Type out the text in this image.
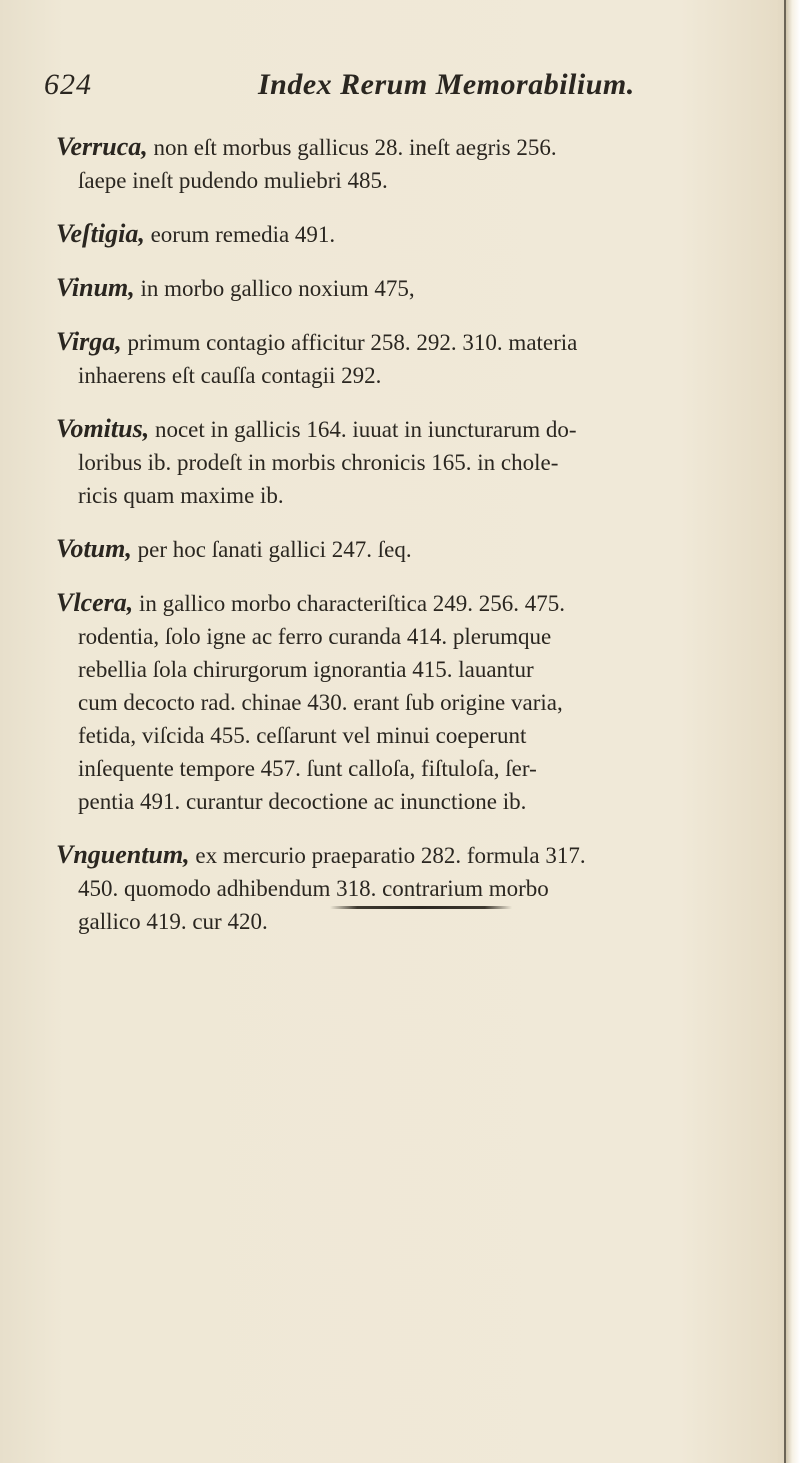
624	Index Rerum Memorabilium.
Verruca, non eſt morbus gallicus 28. ineſt aegris 256.
ſaepe ineſt pudendo muliebri 485.
Veſtigia, eorum remedia 491.
Vinum, in morbo gallico noxium 475,
Virga, primum contagio afficitur 258. 292. 310. materia
inhaerens eſt cauſſa contagii 292.
Vomitus, nocet in gallicis 164. iuuat in iuncturarum do-
loribus ib. prodeſt in morbis chronicis 165. in chole-
ricis quam maxime ib.
Votum, per hoc ſanati gallici 247. ſeq.
Vlcera, in gallico morbo characteriſtica 249. 256. 475.
rodentia, ſolo igne ac ferro curanda 414. plerumque
rebellia ſola chirurgorum ignorantia 415. lauantur
cum decocto rad. chinae 430. erant ſub origine varia,
fetida, viſcida 455. ceſſarunt vel minui coeperunt
inſequente tempore 457. ſunt calloſa, fiſtuloſa, ſer-
pentia 491. curantur decoctione ac inunctione ib.
Vnguentum, ex mercurio praeparatio 282. formula 317.
450. quomodo adhibendum 318. contrarium morbo
gallico 419. cur 420.
